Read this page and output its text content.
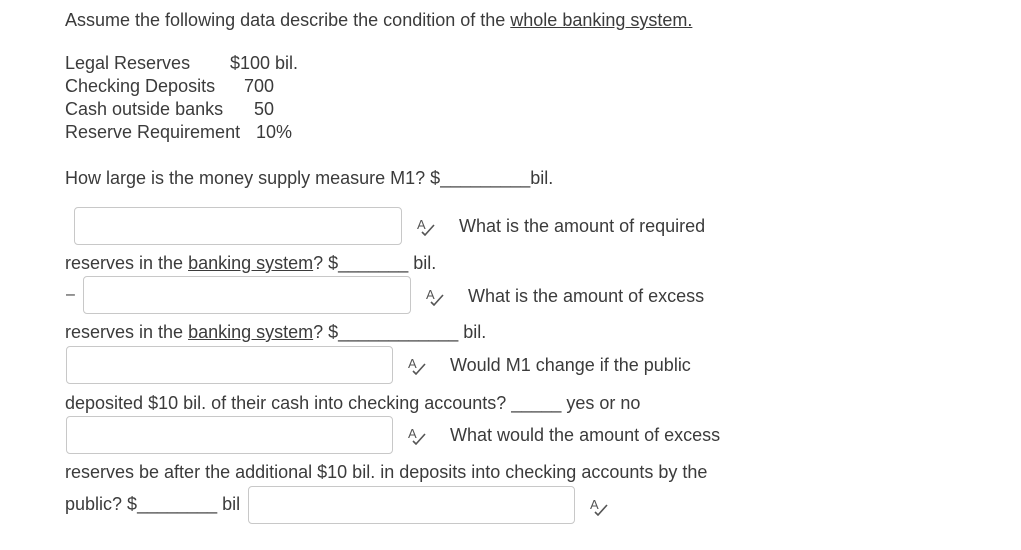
Assume the following data describe the condition of the whole banking system.
Legal Reserves $100 bil.
Checking Deposits 700
Cash outside banks 50
Reserve Requirement 10%
How large is the money supply measure M1? $_________bil.
A What is the amount of required
reserves in the banking system? $_______ bil.
–	A What is the amount of excess
reserves in the banking system? $____________ bil.
A Would M1 change if the public
deposited $10 bil. of their cash into checking accounts? _____ yes or no
A What would the amount of excess
reserves be after the additional $10 bil. in deposits into checking accounts by the
public? $________ bil	A
